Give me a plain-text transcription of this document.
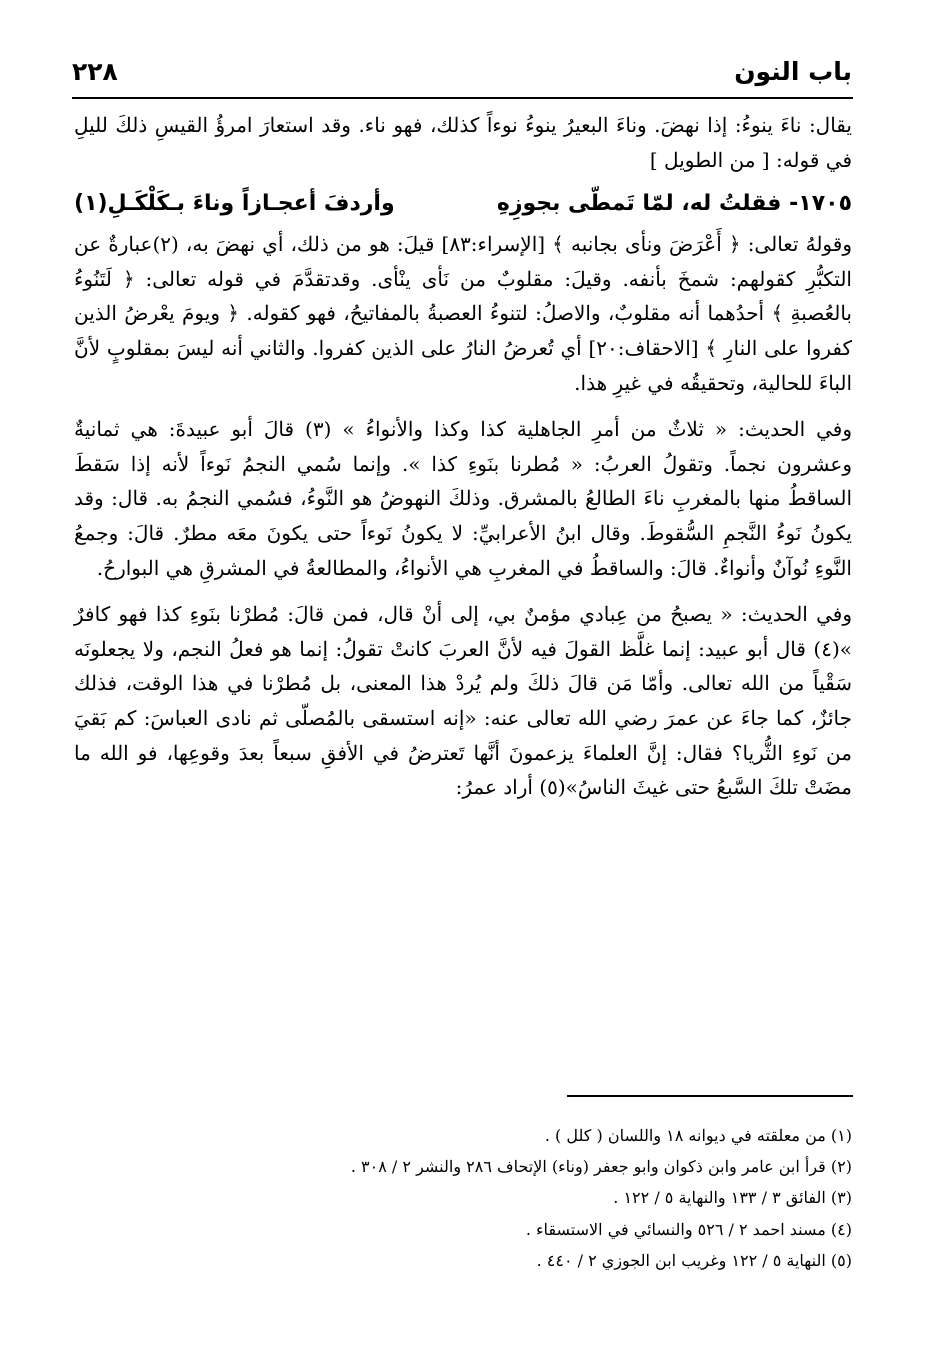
باب النون
٢٢٨

يقال: ناءَ ينوءُ: إذا نهضَ. وناءَ البعيرُ ينوءُ نوءاً كذلك، فهو ناء. وقد استعارَ امرؤُ القيسِ ذلكَ لليلِ في قوله: [ من الطويل ]

١٧٠٥- فقلتُ له، لمّا تَمطّى بجوزِهِ
وأردفَ أعجـازاً وناءَ بـكَلْكَـلِ(١)

وقولهُ تعالى: ﴿ أَعْرَضَ ونأى بجانبه ﴾ [الإسراء:٨٣] قيلَ: هو من ذلك، أي نهضَ به، (٢)عبارةٌ عن التكبُّرِ كقولهم: شمخَ بأنفه. وقيلَ: مقلوبٌ من نَأى ينْأى. وقدتقدَّمَ في قوله تعالى: ﴿ لَتَنُوءُ بالعُصبةِ ﴾ أحدُهما أنه مقلوبٌ، والاصلُ: لتنوءُ العصبةُ بالمفاتيحُ، فهو كقوله. ﴿ ويومَ يعْرضُ الذين كفروا على النارِ ﴾ [الاحقاف:٢٠] أي تُعرضُ النارُ على الذين كفروا. والثاني أنه ليسَ بمقلوبٍ لأنَّ الباءَ للحالية، وتحقيقُه في غيرِ هذا.

وفي الحديث: « ثلاثٌ من أمرِ الجاهلية كذا وكذا والأنواءُ » (٣) قالَ أبو عبيدةَ: هي ثمانيةٌ وعشرون نجماً. وتقولُ العربُ: « مُطرنا بنَوءِ كذا ». وإنما سُمي النجمُ نَوءاً لأنه إذا سَقطَ الساقطُ منها بالمغربِ ناءَ الطالعُ بالمشرق. وذلكَ النهوضُ هو النَّوءُ، فسُمي النجمُ به. قال: وقد يكونُ نَوءُ النَّجمِ السُّقوطَ. وقال ابنُ الأعرابيِّ: لا يكونُ نَوءاً حتى يكونَ معَه مطرٌ. قالَ: وجمعُ النَّوءِ نُوآنٌ وأنواءٌ. قالَ: والساقطُ في المغربِ هي الأنواءُ، والمطالعةُ في المشرقِ هي البوارحُ.

وفي الحديث: « يصبحُ من عِبادي مؤمنٌ بي، إلى أنْ قال، فمن قالَ: مُطرْنا بنَوءِ كذا فهو كافرٌ »(٤) قال أبو عبيد: إنما غلَّظ القولَ فيه لأنَّ العربَ كانتْ تقولُ: إنما هو فعلُ النجم، ولا يجعلونَه سَقْياً من الله تعالى. وأمّا مَن قالَ ذلكَ ولم يُردْ هذا المعنى، بل مُطرْنا في هذا الوقت، فذلك جائزٌ، كما جاءَ عن عمرَ رضي الله تعالى عنه: «إنه استسقى بالمُصلّى ثم نادى العباسَ: كم بَقيَ من نَوءِ الثُّريا؟ فقال: إنَّ العلماءَ يزعمونَ أنَّها تَعترضُ في الأفقِ سبعاً بعدَ وقوعِها، فو الله ما مضَتْ تلكَ السَّبعُ حتى غيثَ الناسُ»(٥) أراد عمرُ:

(١) من معلقته في ديوانه ١٨ واللسان ( كلل ) .
(٢) قرأ ابن عامر وابن ذكوان وابو جعفر (وناء) الإتحاف ٢٨٦ والنشر ٢ / ٣٠٨ .
(٣) الفائق ٣ / ١٣٣ والنهاية ٥ / ١٢٢ .
(٤) مسند احمد ٢ / ٥٢٦ والنسائي في الاستسقاء .
(٥) النهاية ٥ / ١٢٢ وغريب ابن الجوزي ٢ / ٤٤٠ .
